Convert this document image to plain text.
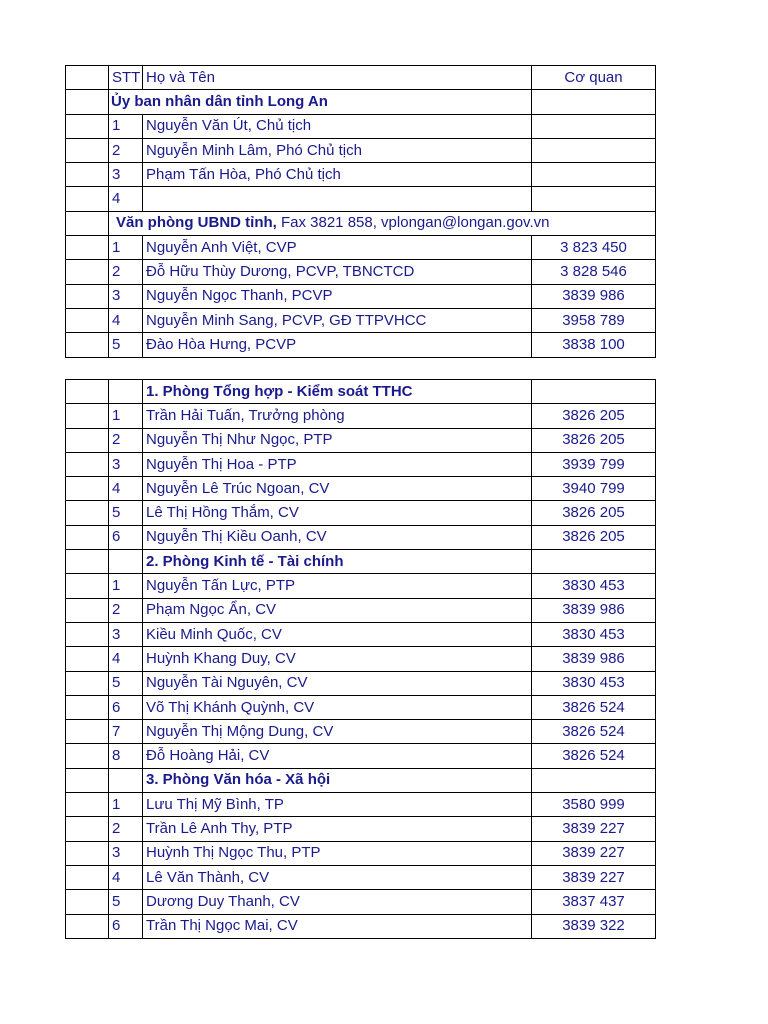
	STT	Họ và Tên	Cơ quan
	Ủy ban nhân dân tỉnh Long An		
	1	Nguyễn Văn Út, Chủ tịch	
	2	Nguyễn Minh Lâm, Phó Chủ tịch	
	3	Phạm Tấn Hòa, Phó Chủ tịch	
	4		
	Văn phòng UBND tỉnh, Fax 3821 858, vplongan@longan.gov.vn		
	1	Nguyễn Anh Việt, CVP	3 823 450
	2	Đỗ Hữu Thùy Dương, PCVP, TBNCTCD	3 828 546
	3	Nguyễn Ngọc Thanh, PCVP	3839 986
	4	Nguyễn Minh Sang, PCVP, GĐ TTPVHCC	3958 789
	5	Đào Hòa Hưng, PCVP	3838 100
		1. Phòng Tổng hợp - Kiểm soát TTHC	
	1	Trần Hải Tuấn, Trưởng phòng	3826 205
	2	Nguyễn Thị Như Ngọc, PTP	3826 205
	3	Nguyễn Thị Hoa - PTP	3939 799
	4	Nguyễn Lê Trúc Ngoan, CV	3940 799
	5	Lê Thị Hồng Thắm, CV	3826 205
	6	Nguyễn Thị Kiều Oanh, CV	3826 205
		2. Phòng Kinh tế - Tài chính	
	1	Nguyễn Tấn Lực, PTP	3830 453
	2	Phạm Ngọc Ẩn, CV	3839 986
	3	Kiều Minh Quốc, CV	3830 453
	4	Huỳnh Khang Duy, CV	3839 986
	5	Nguyễn Tài Nguyên, CV	3830 453
	6	Võ Thị Khánh Quỳnh, CV	3826 524
	7	Nguyễn Thị Mộng Dung, CV	3826 524
	8	Đỗ Hoàng Hải, CV	3826 524
		3. Phòng Văn hóa - Xã hội	
	1	Lưu Thị Mỹ Bình, TP	3580 999
	2	Trần Lê Anh Thy, PTP	3839 227
	3	Huỳnh Thị Ngọc Thu, PTP	3839 227
	4	Lê Văn Thành, CV	3839 227
	5	Dương Duy Thanh, CV	3837 437
	6	Trần Thị Ngọc Mai, CV	3839 322
